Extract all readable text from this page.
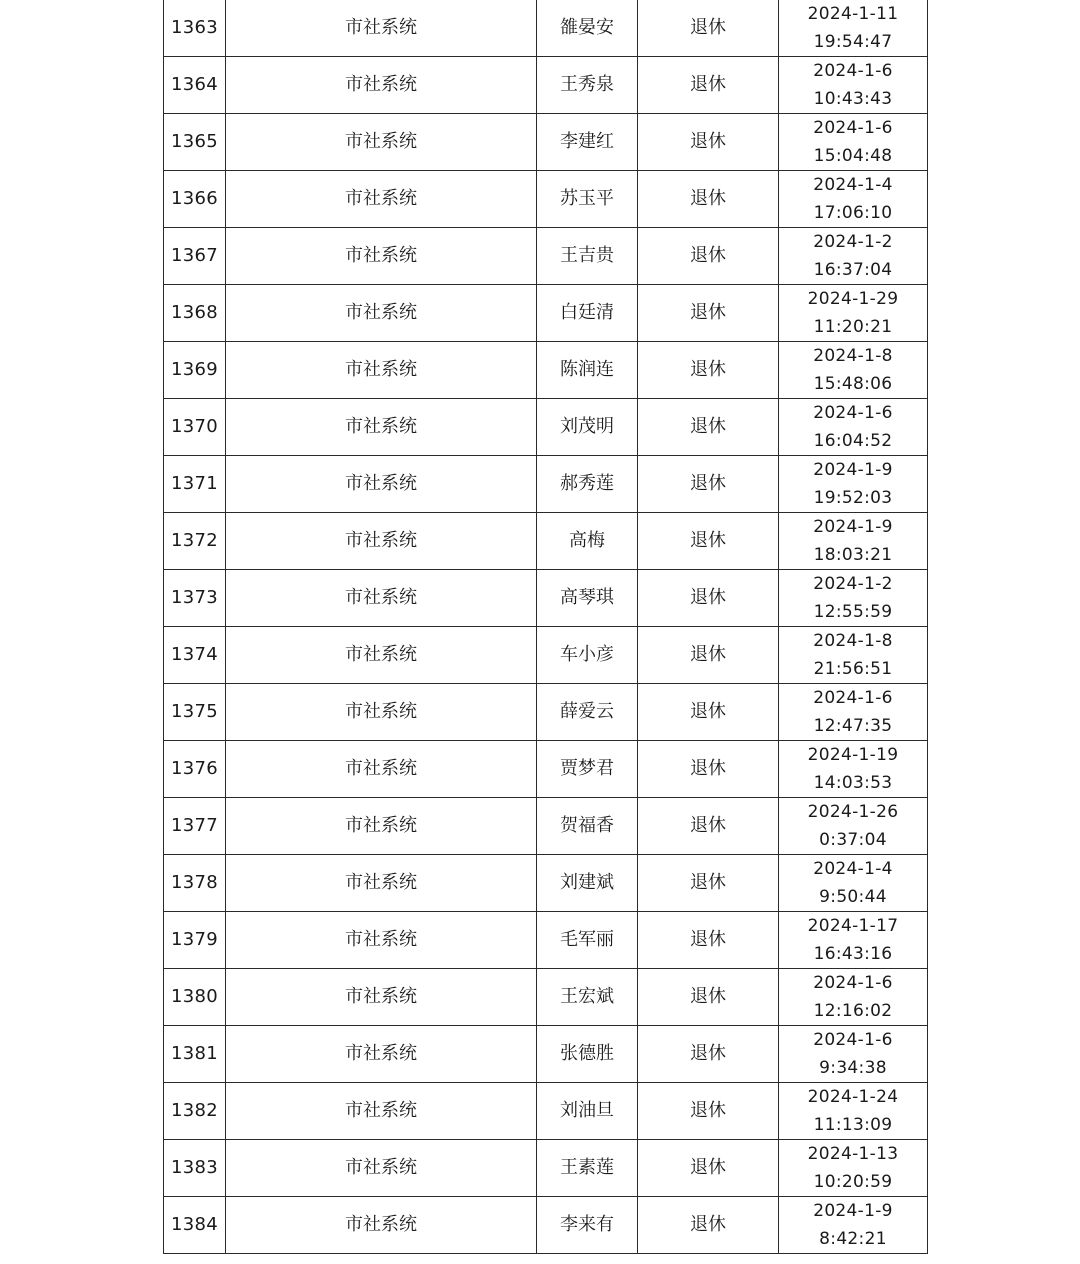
1363	市社系统	雒晏安	退休	2024-1-11
19:54:47

1364	市社系统	王秀泉	退休	2024-1-6
10:43:43

1365	市社系统	李建红	退休	2024-1-6
15:04:48

1366	市社系统	苏玉平	退休	2024-1-4
17:06:10

1367	市社系统	王吉贵	退休	2024-1-2
16:37:04

1368	市社系统	白廷清	退休	2024-1-29
11:20:21

1369	市社系统	陈润连	退休	2024-1-8
15:48:06

1370	市社系统	刘茂明	退休	2024-1-6
16:04:52

1371	市社系统	郝秀莲	退休	2024-1-9
19:52:03

1372	市社系统	高梅	退休	2024-1-9
18:03:21

1373	市社系统	高琴琪	退休	2024-1-2
12:55:59

1374	市社系统	车小彦	退休	2024-1-8
21:56:51

1375	市社系统	薛爱云	退休	2024-1-6
12:47:35

1376	市社系统	贾梦君	退休	2024-1-19
14:03:53

1377	市社系统	贺福香	退休	2024-1-26
0:37:04

1378	市社系统	刘建斌	退休	2024-1-4
9:50:44

1379	市社系统	毛军丽	退休	2024-1-17
16:43:16

1380	市社系统	王宏斌	退休	2024-1-6
12:16:02

1381	市社系统	张德胜	退休	2024-1-6
9:34:38

1382	市社系统	刘油旦	退休	2024-1-24
11:13:09

1383	市社系统	王素莲	退休	2024-1-13
10:20:59

1384	市社系统	李来有	退休	2024-1-9
8:42:21
